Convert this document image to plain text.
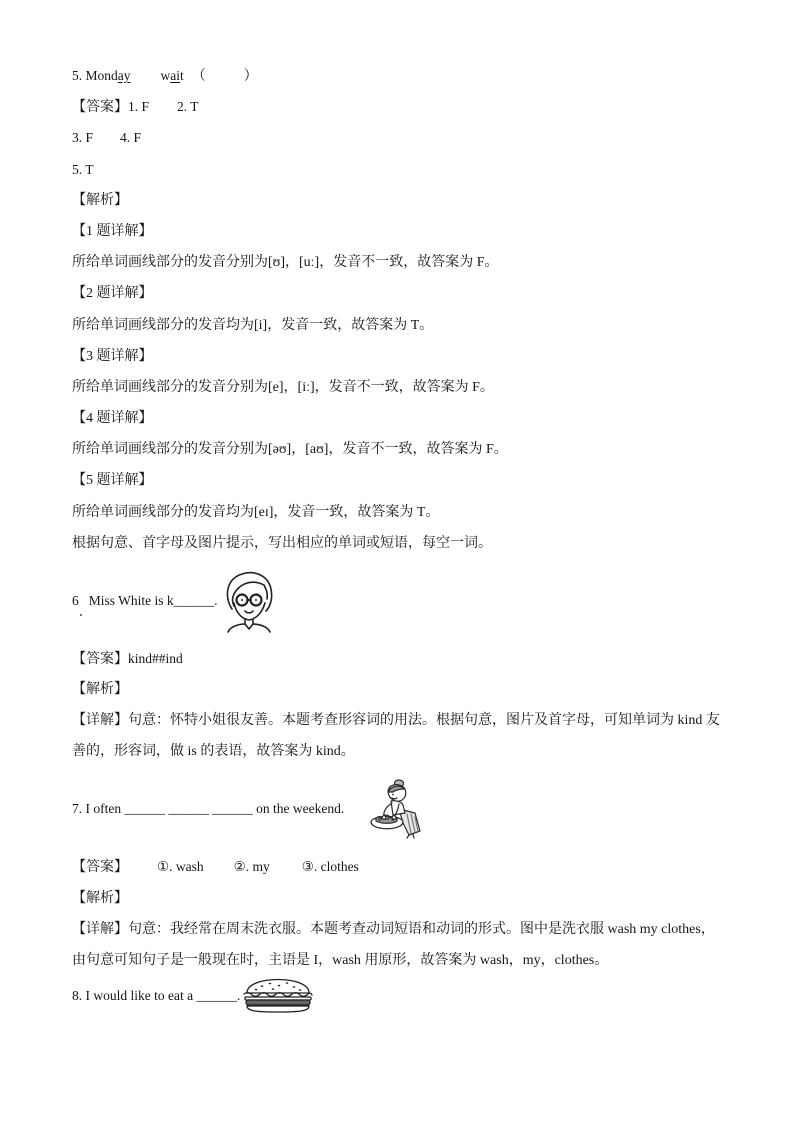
5. Monday wait （	）
【答案】1. F 2. T
3. F 4. F
5. T
【解析】
【1 题详解】
所给单词画线部分的发音分别为[ʊ]，[uː]，发音不一致，故答案为 F。
【2 题详解】
所给单词画线部分的发音均为[i]，发音一致，故答案为 T。
【3 题详解】
所给单词画线部分的发音分别为[e]，[iː]，发音不一致，故答案为 F。
【4 题详解】
所给单词画线部分的发音分别为[əʊ]，[aʊ]，发音不一致，故答案为 F。
【5 题详解】
所给单词画线部分的发音均为[eɪ]，发音一致，故答案为 T。
根据句意、首字母及图片提示，写出相应的单词或短语，每空一词。
6 Miss White is k______.
【答案】kind##ind
【解析】
【详解】句意：怀特小姐很友善。本题考查形容词的用法。根据句意，图片及首字母，可知单词为 kind 友
善的，形容词，做 is 的表语，故答案为 kind。
7. I often ______ ______ ______ on the weekend.
【答案】 ①. wash ②. my ③. clothes
【解析】
【详解】句意：我经常在周末洗衣服。本题考查动词短语和动词的形式。图中是洗衣服 wash my clothes，
由句意可知句子是一般现在时，主语是 I，wash 用原形，故答案为 wash，my，clothes。
8. I would like to eat a ______.
